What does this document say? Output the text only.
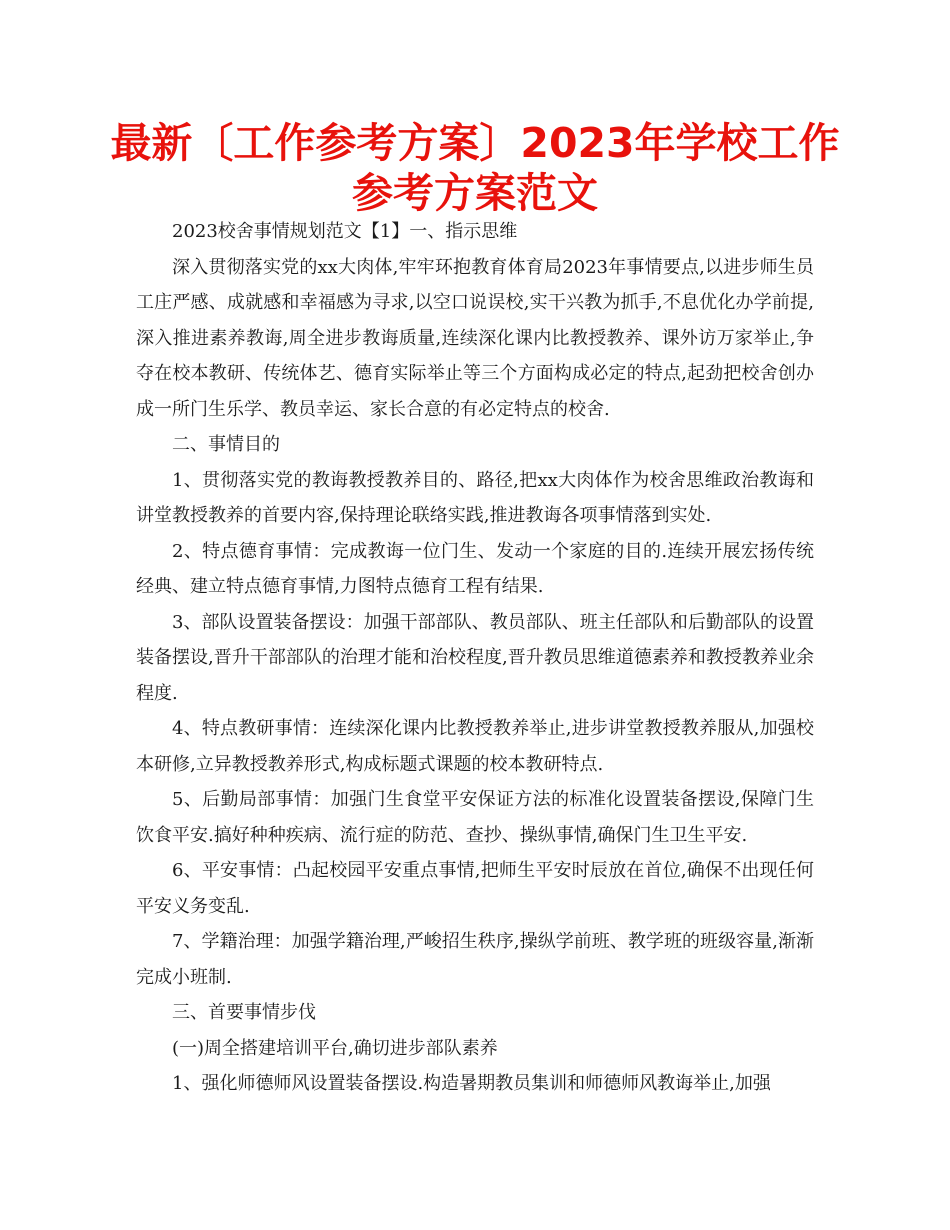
最新〔工作参考方案〕2023年学校工作参考方案范文

2023校舍事情规划范文【1】一、指示思维

深入贯彻落实党的xx大肉体,牢牢环抱教育体育局2023年事情要点,以进步师生员工庄严感、成就感和幸福感为寻求,以空口说误校,实干兴教为抓手,不息优化办学前提,深入推进素养教诲,周全进步教诲质量,连续深化课内比教授教养、课外访万家举止,争夺在校本教研、传统体艺、德育实际举止等三个方面构成必定的特点,起劲把校舍创办成一所门生乐学、教员幸运、家长合意的有必定特点的校舍.

二、事情目的

1、贯彻落实党的教诲教授教养目的、路径,把xx大肉体作为校舍思维政治教诲和讲堂教授教养的首要内容,保持理论联络实践,推进教诲各项事情落到实处.

2、特点德育事情：完成教诲一位门生、发动一个家庭的目的.连续开展宏扬传统经典、建立特点德育事情,力图特点德育工程有结果.

3、部队设置装备摆设：加强干部部队、教员部队、班主任部队和后勤部队的设置装备摆设,晋升干部部队的治理才能和治校程度,晋升教员思维道德素养和教授教养业余程度.

4、特点教研事情：连续深化课内比教授教养举止,进步讲堂教授教养服从,加强校本研修,立异教授教养形式,构成标题式课题的校本教研特点.

5、后勤局部事情：加强门生食堂平安保证方法的标准化设置装备摆设,保障门生饮食平安.搞好种种疾病、流行症的防范、查抄、操纵事情,确保门生卫生平安.

6、平安事情：凸起校园平安重点事情,把师生平安时辰放在首位,确保不出现任何平安义务变乱.

7、学籍治理：加强学籍治理,严峻招生秩序,操纵学前班、教学班的班级容量,渐渐完成小班制.

三、首要事情步伐

(一)周全搭建培训平台,确切进步部队素养

1、强化师德师风设置装备摆设.构造暑期教员集训和师德师风教诲举止,加强
